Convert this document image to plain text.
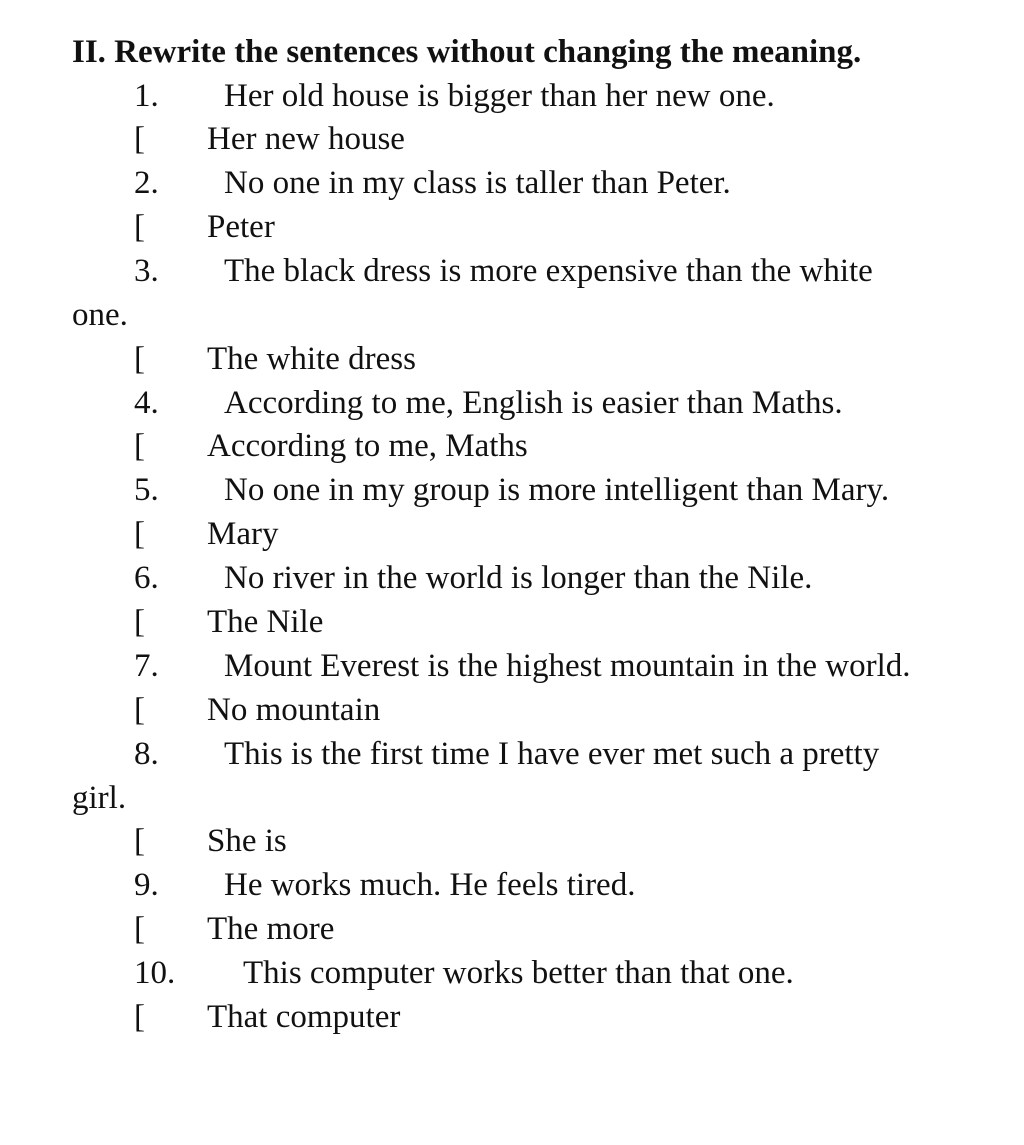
II. Rewrite the sentences without changing the meaning.
1. Her old house is bigger than her new one.
[ Her new house
2. No one in my class is taller than Peter.
[ Peter
3. The black dress is more expensive than the white
one.
[ The white dress
4. According to me, English is easier than Maths.
[ According to me, Maths
5. No one in my group is more intelligent than Mary.
[ Mary
6. No river in the world is longer than the Nile.
[ The Nile
7. Mount Everest is the highest mountain in the world.
[ No mountain
8. This is the first time I have ever met such a pretty
girl.
[ She is
9. He works much. He feels tired.
[ The more
10. This computer works better than that one.
[ That computer
